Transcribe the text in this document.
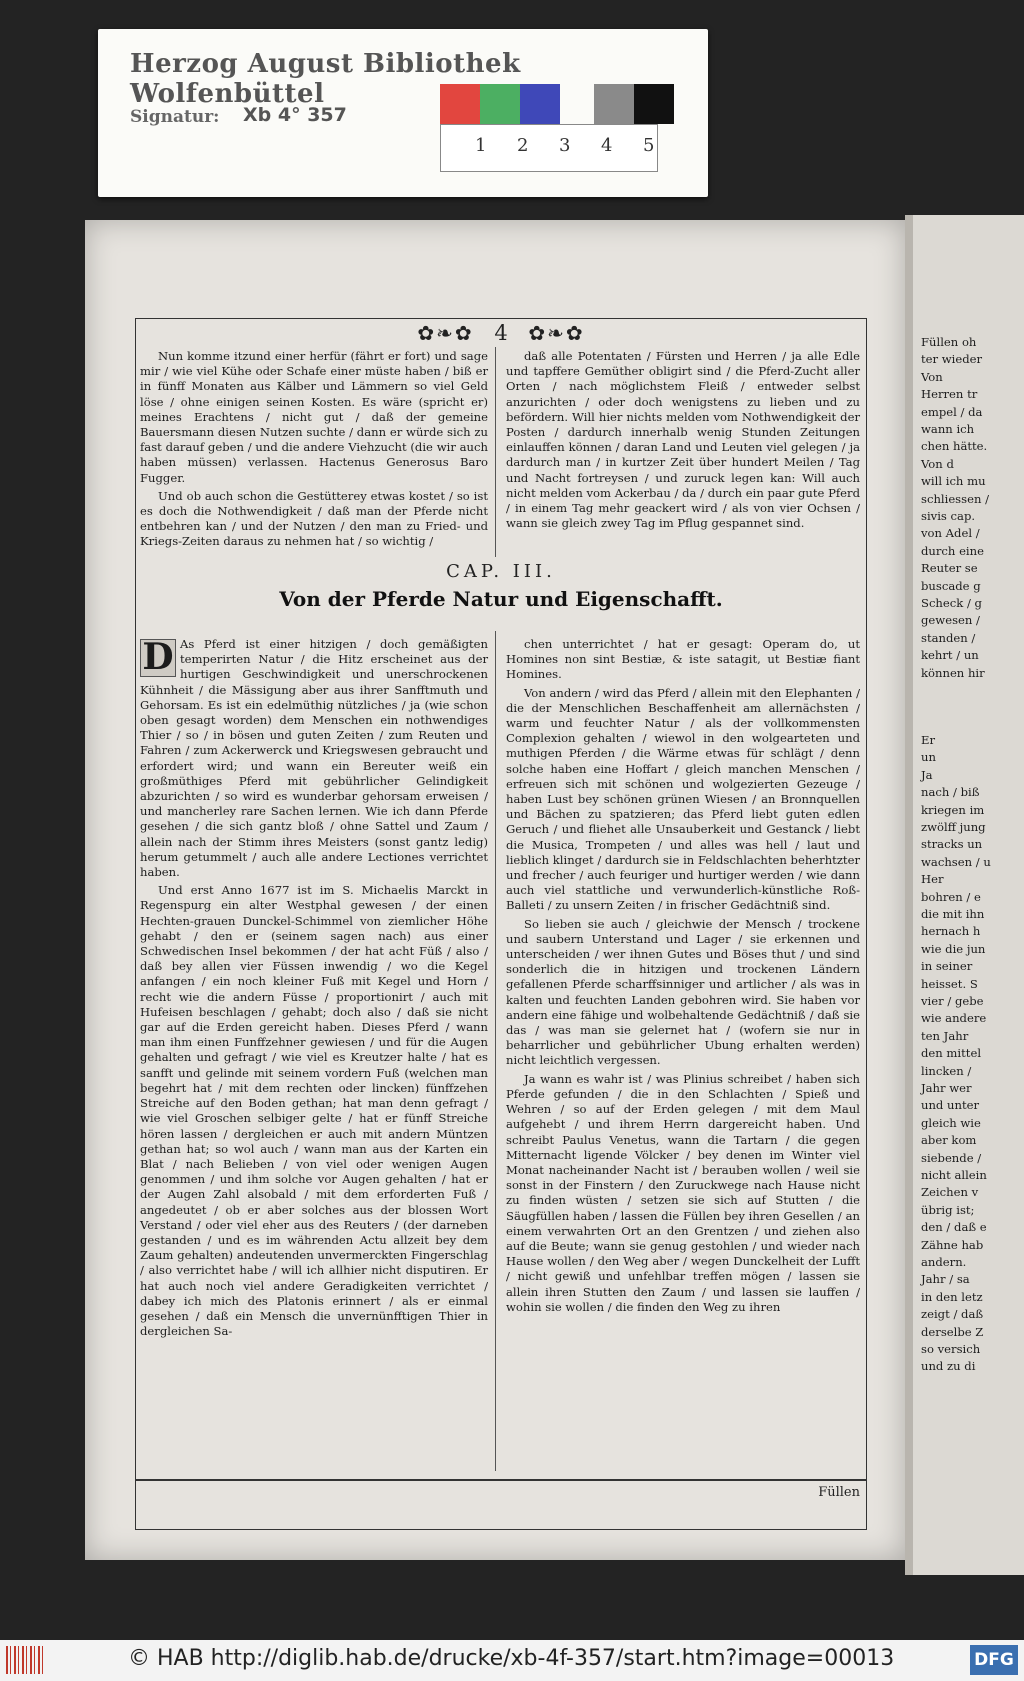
Herzog August Bibliothek Wolfenbüttel
Signatur: Xb 4° 357
1 2 3 4 5
✿❧✿ 4 ✿❧✿

Nun komme itzund einer herfür (fährt er fort) und sage mir / wie viel Kühe oder Schafe einer müste haben / biß er in fünff Monaten aus Kälber und Lämmern so viel Geld löse / ohne einigen seinen Kosten. Es wäre (spricht er) meines Erachtens / nicht gut / daß der gemeine Bauersmann diesen Nutzen suchte / dann er würde sich zu fast darauf geben / und die andere Viehzucht (die wir auch haben müssen) verlassen. Hactenus Generosus Baro Fugger.

Und ob auch schon die Gestütterey etwas kostet / so ist es doch die Nothwendigkeit / daß man der Pferde nicht entbehren kan / und der Nutzen / den man zu Fried- und Kriegs-Zeiten daraus zu nehmen hat / so wichtig /

daß alle Potentaten / Fürsten und Herren / ja alle Edle und tapffere Gemüther obligirt sind / die Pferd-Zucht aller Orten / nach möglichstem Fleiß / entweder selbst anzurichten / oder doch wenigstens zu lieben und zu befördern. Will hier nichts melden vom Nothwendigkeit der Posten / dardurch innerhalb wenig Stunden Zeitungen einlauffen können / daran Land und Leuten viel gelegen / ja dardurch man / in kurtzer Zeit über hundert Meilen / Tag und Nacht fortreysen / und zuruck legen kan: Will auch nicht melden vom Ackerbau / da / durch ein paar gute Pferd / in einem Tag mehr geackert wird / als von vier Ochsen / wann sie gleich zwey Tag im Pflug gespannet sind.

CAP. III.
Von der Pferde Natur und Eigenschafft.

D As Pferd ist einer hitzigen / doch gemäßigten temperirten Natur / die Hitz erscheinet aus der hurtigen Geschwindigkeit und unerschrockenen Kühnheit / die Mässigung aber aus ihrer Sanfftmuth und Gehorsam. Es ist ein edelmüthig nützliches / ja (wie schon oben gesagt worden) dem Menschen ein nothwendiges Thier / so / in bösen und guten Zeiten / zum Reuten und Fahren / zum Ackerwerck und Kriegswesen gebraucht und erfordert wird; und wann ein Bereuter weiß ein großmüthiges Pferd mit gebührlicher Gelindigkeit abzurichten / so wird es wunderbar gehorsam erweisen / und mancherley rare Sachen lernen. Wie ich dann Pferde gesehen / die sich gantz bloß / ohne Sattel und Zaum / allein nach der Stimm ihres Meisters (sonst gantz ledig) herum getummelt / auch alle andere Lectiones verrichtet haben.

Und erst Anno 1677 ist im S. Michaelis Marckt in Regenspurg ein alter Westphal gewesen / der einen Hechten-grauen Dunckel-Schimmel von ziemlicher Höhe gehabt / den er (seinem sagen nach) aus einer Schwedischen Insel bekommen / der hat acht Füß / also / daß bey allen vier Füssen inwendig / wo die Kegel anfangen / ein noch kleiner Fuß mit Kegel und Horn / recht wie die andern Füsse / proportionirt / auch mit Hufeisen beschlagen / gehabt; doch also / daß sie nicht gar auf die Erden gereicht haben. Dieses Pferd / wann man ihm einen Funffzehner gewiesen / und für die Augen gehalten und gefragt / wie viel es Kreutzer halte / hat es sanfft und gelinde mit seinem vordern Fuß (welchen man begehrt hat / mit dem rechten oder lincken) fünffzehen Streiche auf den Boden gethan; hat man denn gefragt / wie viel Groschen selbiger gelte / hat er fünff Streiche hören lassen / dergleichen er auch mit andern Müntzen gethan hat; so wol auch / wann man aus der Karten ein Blat / nach Belieben / von viel oder wenigen Augen genommen / und ihm solche vor Augen gehalten / hat er der Augen Zahl alsobald / mit dem erforderten Fuß / angedeutet / ob er aber solches aus der blossen Wort Verstand / oder viel eher aus des Reuters / (der darneben gestanden / und es im währenden Actu allzeit bey dem Zaum gehalten) andeutenden unvermerckten Fingerschlag / also verrichtet habe / will ich allhier nicht disputiren. Er hat auch noch viel andere Geradigkeiten verrichtet / dabey ich mich des Platonis erinnert / als er einmal gesehen / daß ein Mensch die unvernünfftigen Thier in dergleichen Sa-

chen unterrichtet / hat er gesagt: Operam do, ut Homines non sint Bestiæ, & iste satagit, ut Bestiæ fiant Homines.

Von andern / wird das Pferd / allein mit den Elephanten / die der Menschlichen Beschaffenheit am allernächsten / warm und feuchter Natur / als der vollkommensten Complexion gehalten / wiewol in den wolgearteten und muthigen Pferden / die Wärme etwas für schlägt / denn solche haben eine Hoffart / gleich manchen Menschen / erfreuen sich mit schönen und wolgezierten Gezeuge / haben Lust bey schönen grünen Wiesen / an Bronnquellen und Bächen zu spatzieren; das Pferd liebt guten edlen Geruch / und fliehet alle Unsauberkeit und Gestanck / liebt die Musica, Trompeten / und alles was hell / laut und lieblich klinget / dardurch sie in Feldschlachten beherhtzter und frecher / auch feuriger und hurtiger werden / wie dann auch viel stattliche und verwunderlich-künstliche Roß-Balleti / zu unsern Zeiten / in frischer Gedächtniß sind.

So lieben sie auch / gleichwie der Mensch / trockene und saubern Unterstand und Lager / sie erkennen und unterscheiden / wer ihnen Gutes und Böses thut / und sind sonderlich die in hitzigen und trockenen Ländern gefallenen Pferde scharffsinniger und artlicher / als was in kalten und feuchten Landen gebohren wird. Sie haben vor andern eine fähige und wolbehaltende Gedächtniß / daß sie das / was man sie gelernet hat / (wofern sie nur in beharrlicher und gebührlicher Ubung erhalten werden) nicht leichtlich vergessen.

Ja wann es wahr ist / was Plinius schreibet / haben sich Pferde gefunden / die in den Schlachten / Spieß und Wehren / so auf der Erden gelegen / mit dem Maul aufgehebt / und ihrem Herrn dargereicht haben. Und schreibt Paulus Venetus, wann die Tartarn / die gegen Mitternacht ligende Völcker / bey denen im Winter viel Monat nacheinander Nacht ist / berauben wollen / weil sie sonst in der Finstern / den Zuruckwege nach Hause nicht zu finden wüsten / setzen sie sich auf Stutten / die Säugfüllen haben / lassen die Füllen bey ihren Gesellen / an einem verwahrten Ort an den Grentzen / und ziehen also auf die Beute; wann sie genug gestohlen / und wieder nach Hause wollen / den Weg aber / wegen Dunckelheit der Lufft / nicht gewiß und unfehlbar treffen mögen / lassen sie allein ihren Stutten den Zaum / und lassen sie lauffen / wohin sie wollen / die finden den Weg zu ihren

Füllen
Füllen oh
ter wieder
Von
Herren tr
empel / da
wann ich
chen hätte.
Von d
will ich mu
schliessen /
sivis cap.
von Adel /
durch eine
Reuter se
buscade g
Scheck / g
gewesen /
standen /
kehrt / un
können hir
Er
un
Ja
nach / biß
kriegen im
zwölff jung
stracks un
wachsen / u
Her
bohren / e
die mit ihn
hernach h
wie die jun
in seiner
heisset. S
vier / gebe
wie andere
ten Jahr
den mittel
lincken /
Jahr wer
und unter
gleich wie
aber kom
siebende /
nicht allein
Zeichen v
übrig ist;
den / daß e
Zähne hab
andern.
Jahr / sa
in den letz
zeigt / daß
derselbe Z
so versich
und zu di
© HAB http://diglib.hab.de/drucke/xb-4f-357/start.htm?image=00013	DFG
